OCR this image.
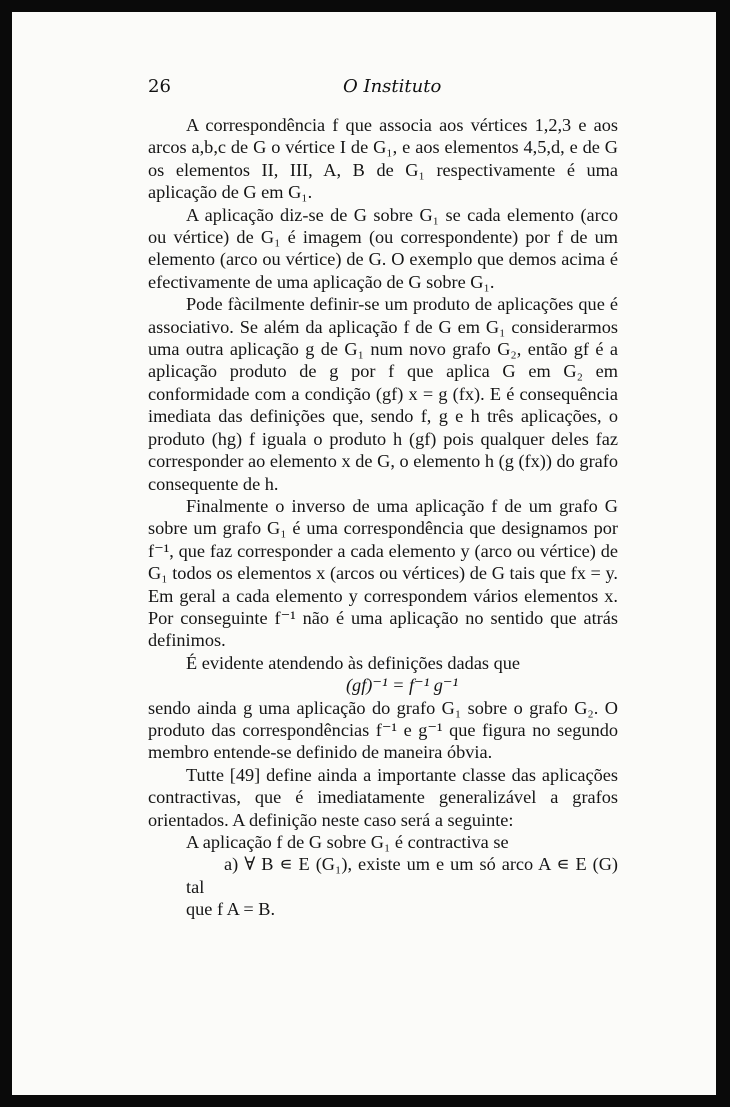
26	O Instituto

A correspondência f que associa aos vértices 1,2,3 e aos arcos a,b,c de G o vértice I de G₁, e aos elementos 4,5,d, e de G os elementos II, III, A, B de G₁ respectivamente é uma aplicação de G em G₁.

A aplicação diz-se de G sobre G₁ se cada elemento (arco ou vértice) de G₁ é imagem (ou correspondente) por f de um elemento (arco ou vértice) de G. O exemplo que demos acima é efectivamente de uma aplicação de G sobre G₁.

Pode fàcilmente definir-se um produto de aplicações que é associativo. Se além da aplicação f de G em G₁ considerarmos uma outra aplicação g de G₁ num novo grafo G₂, então gf é a aplicação produto de g por f que aplica G em G₂ em conformidade com a condição (gf) x = g (fx). E é consequência imediata das definições que, sendo f, g e h três aplicações, o produto (hg) f iguala o produto h (gf) pois qualquer deles faz corresponder ao elemento x de G, o elemento h (g (fx)) do grafo consequente de h.

Finalmente o inverso de uma aplicação f de um grafo G sobre um grafo G₁ é uma correspondência que designamos por f⁻¹, que faz corresponder a cada elemento y (arco ou vértice) de G₁ todos os elementos x (arcos ou vértices) de G tais que fx = y. Em geral a cada elemento y correspondem vários elementos x. Por conseguinte f⁻¹ não é uma aplicação no sentido que atrás definimos.

É evidente atendendo às definições dadas que

(gf)⁻¹ = f⁻¹ g⁻¹

sendo ainda g uma aplicação do grafo G₁ sobre o grafo G₂. O produto das correspondências f⁻¹ e g⁻¹ que figura no segundo membro entende-se definido de maneira óbvia.

Tutte [49] define ainda a importante classe das aplicações contractivas, que é imediatamente generalizável a grafos orientados. A definição neste caso será a seguinte:

A aplicação f de G sobre G₁ é contractiva se

a) ∀ B ∊ E (G₁), existe um e um só arco A ∊ E (G) tal

que f A = B.
